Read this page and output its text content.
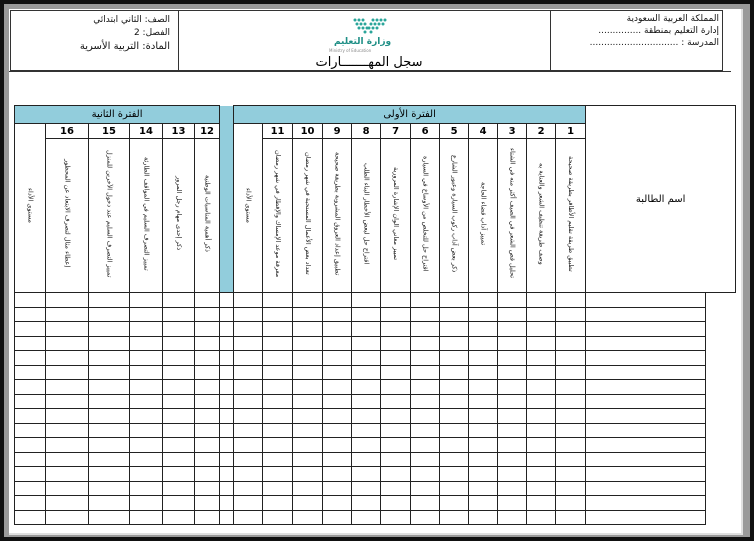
الصف: الثاني ابتدائي
الفصل: 2
المادة: التربية الأسرية	وزارة التعليم
Ministry of Education
سجل المهـــــــارات
المملكة العربية السعودية
إدارة التعليم بمنطقة ...............
المدرسة : ...............................
الفترة الثانية							الفترة الأولى												اسم الطالبة
مستوى الأداء	16	15	14	13	12		مستوى الأداء	11	10	9	8	7	6	5	4	3	2	1	
	إعطاء مثال لتصرف الابتعاد عن المحظور	تمييز التصرف السليم عند دخول الآخرين للمنزل	تمييز التصرف السليم في المواقف الطارئة	ذكر إحدى مهام رجل المرور	ذكر أهمية المناسبات الوطنية			معرفة موعد الإمساك والإفطار في شهر رمضان	تعداد بعض الأعمال المستحبة في شهر رمضان	تطبيق إعداد العروق المشروبة بطريقة صحيحة	اقتراح حل لبعض الأخطار البناء الطلب	تمييز معاني الوان الإشارة المرورية	اقتراح حل للتخلص من الأوساخ في السيارة	ذكر بعض آداب ركوب السيارة وعبور الشارع	تمييز آداب قضاء الحاجة	تحليل قص الشعر في الصيف أكثر منه في الشتاء	وصف طريقة تنظيف الشعر والعناية به	تطبيق طريقة تقليم الأظافر بطريقة صحيحة	
